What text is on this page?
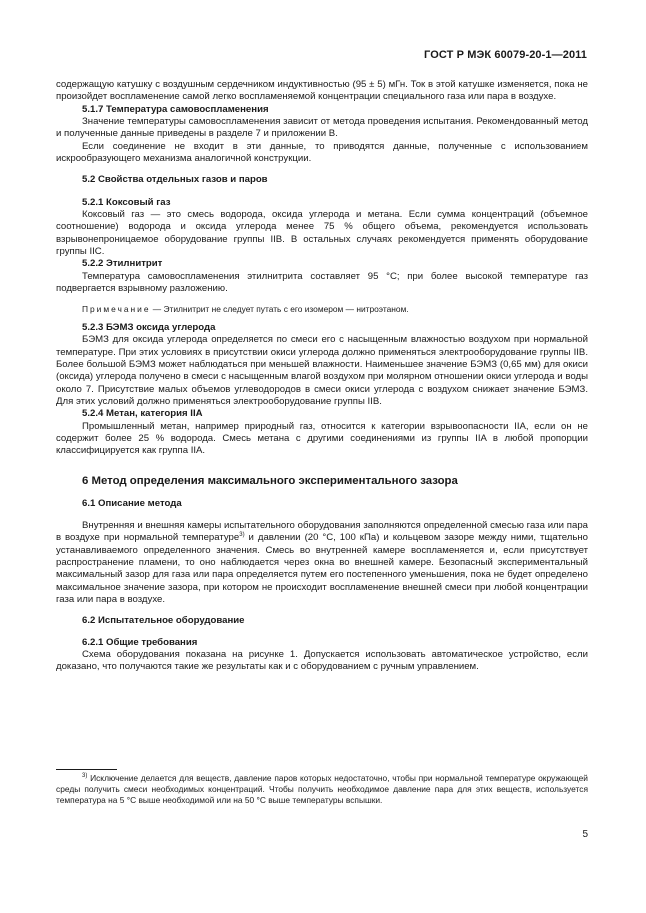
ГОСТ Р МЭК 60079-20-1—2011

содержащую катушку с воздушным сердечником индуктивностью (95 ± 5) мГн. Ток в этой катушке изменяется, пока не произойдет воспламенение самой легко воспламеняемой концентрации специального газа или пара в воздухе.

5.1.7 Температура самовоспламенения

Значение температуры самовоспламенения зависит от метода проведения испытания. Рекомендованный метод и полученные данные приведены в разделе 7 и приложении В.

Если соединение не входит в эти данные, то приводятся данные, полученные с использованием искрообразующего механизма аналогичной конструкции.

5.2 Свойства отдельных газов и паров

5.2.1 Коксовый газ

Коксовый газ — это смесь водорода, оксида углерода и метана. Если сумма концентраций (объемное соотношение) водорода и оксида углерода менее 75 % общего объема, рекомендуется использовать взрывонепроницаемое оборудование группы IIB. В остальных случаях рекомендуется применять оборудование группы IIC.

5.2.2 Этилнитрит

Температура самовоспламенения этилнитрита составляет 95 °С; при более высокой температуре газ подвергается взрывному разложению.

Примечание — Этилнитрит не следует путать с его изомером — нитроэтаном.

5.2.3 БЭМЗ оксида углерода

БЭМЗ для оксида углерода определяется по смеси его с насыщенным влажностью воздухом при нормальной температуре. При этих условиях в присутствии окиси углерода должно применяться электрооборудование группы IIB. Более большой БЭМЗ может наблюдаться при меньшей влажности. Наименьшее значение БЭМЗ (0,65 мм) для окиси (оксида) углерода получено в смеси с насыщенным влагой воздухом при молярном отношении окиси углерода и воды около 7. Присутствие малых объемов углеводородов в смеси окиси углерода с воздухом снижает значение БЭМЗ. Для этих условий должно применяться электрооборудование группы IIB.

5.2.4 Метан, категория IIA

Промышленный метан, например природный газ, относится к категории взрывоопасности IIA, если он не содержит более 25 % водорода. Смесь метана с другими соединениями из группы IIA в любой пропорции классифицируется как группа IIA.

6 Метод определения максимального экспериментального зазора

6.1 Описание метода

Внутренняя и внешняя камеры испытательного оборудования заполняются определенной смесью газа или пара в воздухе при нормальной температуре$^{3)}$ и давлении (20 °С, 100 кПа) и кольцевом зазоре между ними, тщательно устанавливаемого определенного значения. Смесь во внутренней камере воспламеняется и, если присутствует распространение пламени, то оно наблюдается через окна во внешней камере. Безопасный экспериментальный максимальный зазор для газа или пара определяется путем его постепенного уменьшения, пока не будет определено максимальное значение зазора, при котором не происходит воспламенение внешней смеси при любой концентрации газа или пара в воздухе.

6.2 Испытательное оборудование

6.2.1 Общие требования

Схема оборудования показана на рисунке 1. Допускается использовать автоматическое устройство, если доказано, что получаются такие же результаты как и с оборудованием с ручным управлением.

$^{3)}$ Исключение делается для веществ, давление паров которых недостаточно, чтобы при нормальной температуре окружающей среды получить смеси необходимых концентраций. Чтобы получить необходимое давление пара для этих веществ, используется температура на 5 °С выше необходимой или на 50 °С выше температуры вспышки.

5
